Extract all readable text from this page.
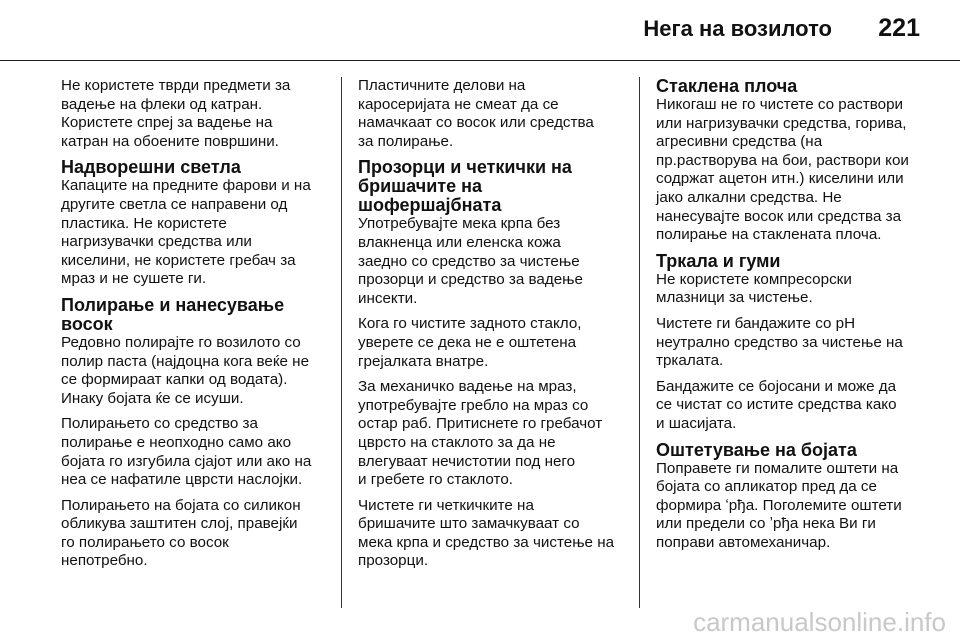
Нега на возилото 221

Не користете тврди предмети за
вадење на флеки од катран.
Користете спреј за вадење на
катран на обоените површини.

Надворешни светла

Капаците на предните фарови и на
другите светла се направени од
пластика. Не користете
нагризувачки средства или
киселини, не користете гребач за
мраз и не сушете ги.

Полирање и нанесување
восок

Редовно полирајте го возилото со
полир паста (најдоцна кога веќе не
се формираат капки од водата).
Инаку бојата ќе се исуши.

Полирањето со средство за
полирање е неопходно само ако
бојата го изгубила сјајот или ако на
неа се нафатиле цврсти наслојки.

Полирањето на бојата со силикон
обликува заштитен слој, правејќи
го полирањето со восок
непотребно.

Пластичните делови на
каросеријата не смеат да се
намачкаат со восок или средства
за полирање.

Прозорци и четкички на
бришачите на
шофершајбната

Употребувајте мека крпа без
влакненца или еленска кожа
заедно со средство за чистење
прозорци и средство за вадење
инсекти.

Кога го чистите задното стакло,
уверете се дека не е оштетена
грејалката внатре.

За механичко вадење на мраз,
употребувајте гребло на мраз со
остар раб. Притиснете го гребачот
цврсто на стаклото за да не
влегуваат нечистотии под него
и гребете го стаклото.

Чистете ги четкичките на
бришачите што замачкуваат со
мека крпа и средство за чистење на
прозорци.

Стаклена плоча

Никогаш не го чистете со раствори
или нагризувачки средства, горива,
агресивни средства (на
пр.растворува на бои, раствори кои
содржат ацетон итн.) киселини или
јако алкални средства. Не
нанесувајте восок или средства за
полирање на стаклената плоча.

Тркала и гуми

Не користете компресорски
млазници за чистење.

Чистете ги бандажите со pH
неутрално средство за чистење на
тркалата.

Бандажите се бојосани и може да
се чистат со истите средства како
и шасијата.

Оштетување на бојата

Поправете ги помалите оштети на
бојата со апликатор пред да се
формира ʻрђа. Поголемите оштети
или предели со ʼрђа нека Ви ги
поправи автомеханичар.

carmanualsonline.info
